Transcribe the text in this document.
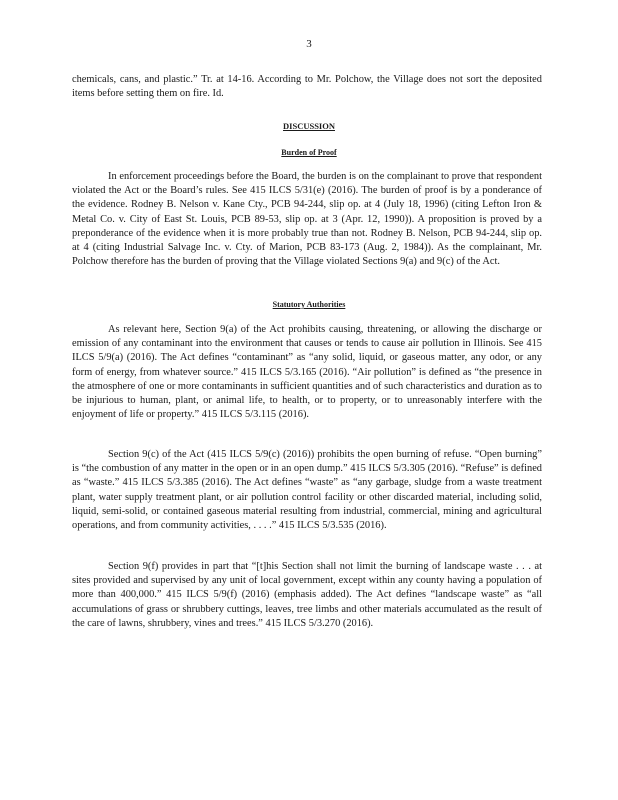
3

chemicals, cans, and plastic.” Tr. at 14-16. According to Mr. Polchow, the Village does not sort the deposited items before setting them on fire. Id.

DISCUSSION
Burden of Proof

In enforcement proceedings before the Board, the burden is on the complainant to prove that respondent violated the Act or the Board’s rules. See 415 ILCS 5/31(e) (2016). The burden of proof is by a ponderance of the evidence. Rodney B. Nelson v. Kane Cty., PCB 94-244, slip op. at 4 (July 18, 1996) (citing Lefton Iron & Metal Co. v. City of East St. Louis, PCB 89-53, slip op. at 3 (Apr. 12, 1990)). A proposition is proved by a preponderance of the evidence when it is more probably true than not. Rodney B. Nelson, PCB 94-244, slip op. at 4 (citing Industrial Salvage Inc. v. Cty. of Marion, PCB 83-173 (Aug. 2, 1984)). As the complainant, Mr. Polchow therefore has the burden of proving that the Village violated Sections 9(a) and 9(c) of the Act.

Statutory Authorities

As relevant here, Section 9(a) of the Act prohibits causing, threatening, or allowing the discharge or emission of any contaminant into the environment that causes or tends to cause air pollution in Illinois. See 415 ILCS 5/9(a) (2016). The Act defines “contaminant” as “any solid, liquid, or gaseous matter, any odor, or any form of energy, from whatever source.” 415 ILCS 5/3.165 (2016). “Air pollution” is defined as “the presence in the atmosphere of one or more contaminants in sufficient quantities and of such characteristics and duration as to be injurious to human, plant, or animal life, to health, or to property, or to unreasonably interfere with the enjoyment of life or property.” 415 ILCS 5/3.115 (2016).

Section 9(c) of the Act (415 ILCS 5/9(c) (2016)) prohibits the open burning of refuse. “Open burning” is “the combustion of any matter in the open or in an open dump.” 415 ILCS 5/3.305 (2016). “Refuse” is defined as “waste.” 415 ILCS 5/3.385 (2016). The Act defines “waste” as “any garbage, sludge from a waste treatment plant, water supply treatment plant, or air pollution control facility or other discarded material, including solid, liquid, semi-solid, or contained gaseous material resulting from industrial, commercial, mining and agricultural operations, and from community activities, . . . .” 415 ILCS 5/3.535 (2016).

Section 9(f) provides in part that “[t]his Section shall not limit the burning of landscape waste . . . at sites provided and supervised by any unit of local government, except within any county having a population of more than 400,000.” 415 ILCS 5/9(f) (2016) (emphasis added). The Act defines “landscape waste” as “all accumulations of grass or shrubbery cuttings, leaves, tree limbs and other materials accumulated as the result of the care of lawns, shrubbery, vines and trees.” 415 ILCS 5/3.270 (2016).
